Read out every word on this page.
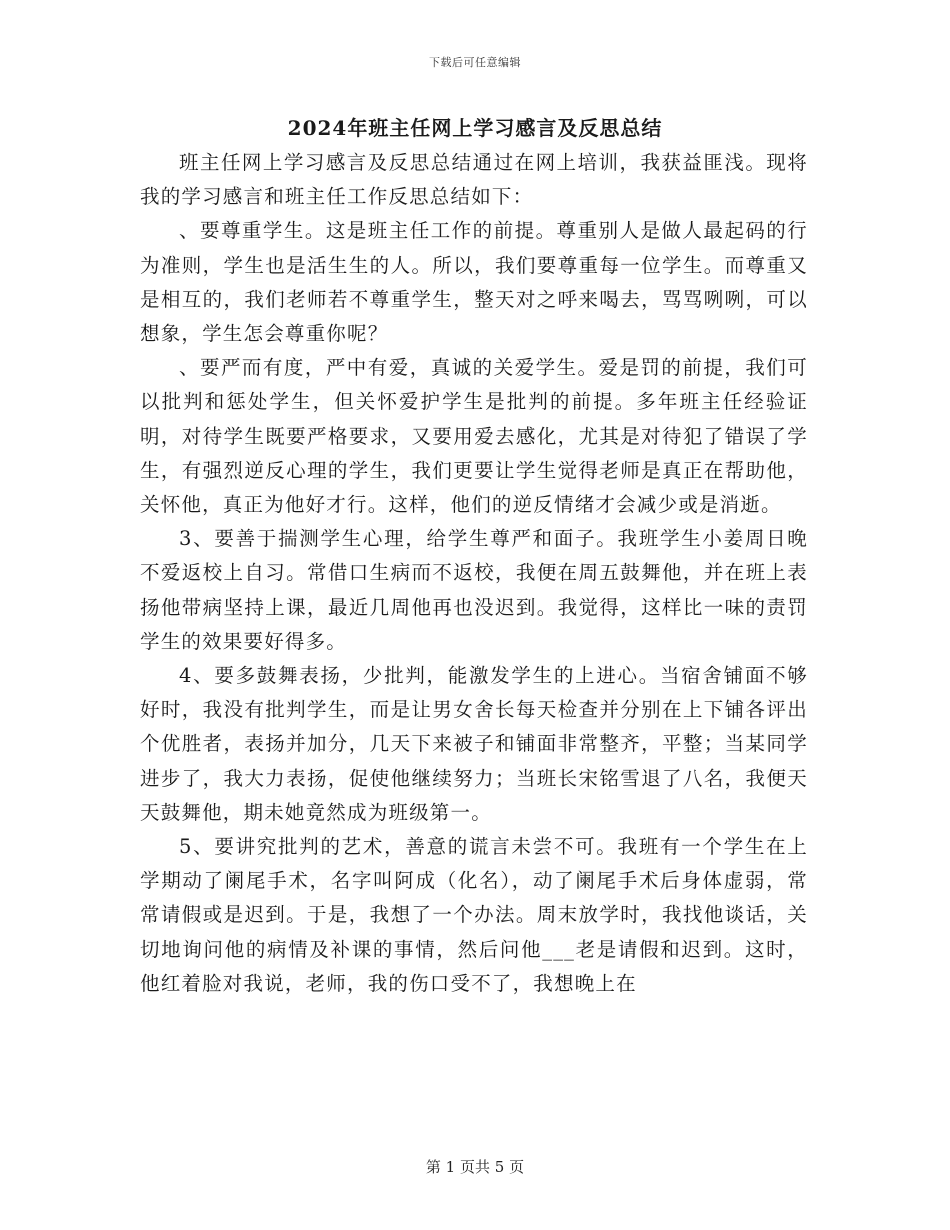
下载后可任意编辑
2024年班主任网上学习感言及反思总结

班主任网上学习感言及反思总结通过在网上培训，我获益匪浅。现将我的学习感言和班主任工作反思总结如下：

、要尊重学生。这是班主任工作的前提。尊重别人是做人最起码的行为准则，学生也是活生生的人。所以，我们要尊重每一位学生。而尊重又是相互的，我们老师若不尊重学生，整天对之呼来喝去，骂骂咧咧，可以想象，学生怎会尊重你呢？

、要严而有度，严中有爱，真诚的关爱学生。爱是罚的前提，我们可以批判和惩处学生，但关怀爱护学生是批判的前提。多年班主任经验证明，对待学生既要严格要求，又要用爱去感化，尤其是对待犯了错误了学生，有强烈逆反心理的学生，我们更要让学生觉得老师是真正在帮助他，关怀他，真正为他好才行。这样，他们的逆反情绪才会减少或是消逝。

3、要善于揣测学生心理，给学生尊严和面子。我班学生小姜周日晚不爱返校上自习。常借口生病而不返校，我便在周五鼓舞他，并在班上表扬他带病坚持上课，最近几周他再也没迟到。我觉得，这样比一味的责罚学生的效果要好得多。

4、要多鼓舞表扬，少批判，能激发学生的上进心。当宿舍铺面不够好时，我没有批判学生，而是让男女舍长每天检查并分别在上下铺各评出个优胜者，表扬并加分，几天下来被子和铺面非常整齐，平整；当某同学进步了，我大力表扬，促使他继续努力；当班长宋铭雪退了八名，我便天天鼓舞他，期未她竟然成为班级第一。

5、要讲究批判的艺术，善意的谎言未尝不可。我班有一个学生在上学期动了阑尾手术，名字叫阿成（化名），动了阑尾手术后身体虚弱，常常请假或是迟到。于是，我想了一个办法。周末放学时，我找他谈话，关切地询问他的病情及补课的事情，然后问他___老是请假和迟到。这时，他红着脸对我说，老师，我的伤口受不了，我想晚上在

第 1 页共 5 页
